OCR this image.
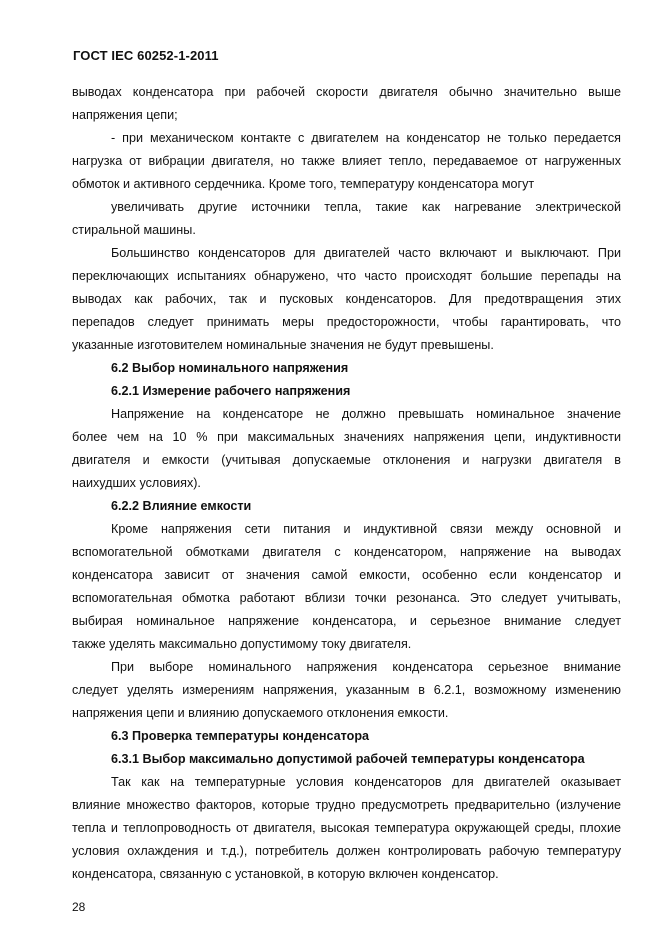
ГОСТ IEC 60252-1-2011
выводах конденсатора при рабочей скорости двигателя обычно значительно выше
напряжения цепи;
- при механическом контакте с двигателем на конденсатор не только передается
нагрузка от вибрации двигателя, но также влияет тепло, передаваемое от нагруженных
обмоток и активного сердечника. Кроме того, температуру конденсатора могут
увеличивать другие источники тепла, такие как нагревание электрической
стиральной машины.
Большинство конденсаторов для двигателей часто включают и выключают. При
переключающих испытаниях обнаружено, что часто происходят большие перепады на
выводах как рабочих, так и пусковых конденсаторов. Для предотвращения этих
перепадов следует принимать меры предосторожности, чтобы гарантировать, что
указанные изготовителем номинальные значения не будут превышены.
6.2 Выбор номинального напряжения
6.2.1 Измерение рабочего напряжения
Напряжение на конденсаторе не должно превышать номинальное значение
более чем на 10 % при максимальных значениях напряжения цепи, индуктивности
двигателя и емкости (учитывая допускаемые отклонения и нагрузки двигателя в
наихудших условиях).
6.2.2 Влияние емкости
Кроме напряжения сети питания и индуктивной связи между основной и
вспомогательной обмотками двигателя с конденсатором, напряжение на выводах
конденсатора зависит от значения самой емкости, особенно если конденсатор и
вспомогательная обмотка работают вблизи точки резонанса. Это следует учитывать,
выбирая номинальное напряжение конденсатора, и серьезное внимание следует
также уделять максимально допустимому току двигателя.
При выборе номинального напряжения конденсатора серьезное внимание
следует уделять измерениям напряжения, указанным в 6.2.1, возможному изменению
напряжения цепи и влиянию допускаемого отклонения емкости.
6.3 Проверка температуры конденсатора
6.3.1 Выбор максимально допустимой рабочей температуры конденсатора
Так как на температурные условия конденсаторов для двигателей оказывает
влияние множество факторов, которые трудно предусмотреть предварительно (излучение
тепла и теплопроводность от двигателя, высокая температура окружающей среды, плохие
условия охлаждения и т.д.), потребитель должен контролировать рабочую температуру
конденсатора, связанную с установкой, в которую включен конденсатор.
28
